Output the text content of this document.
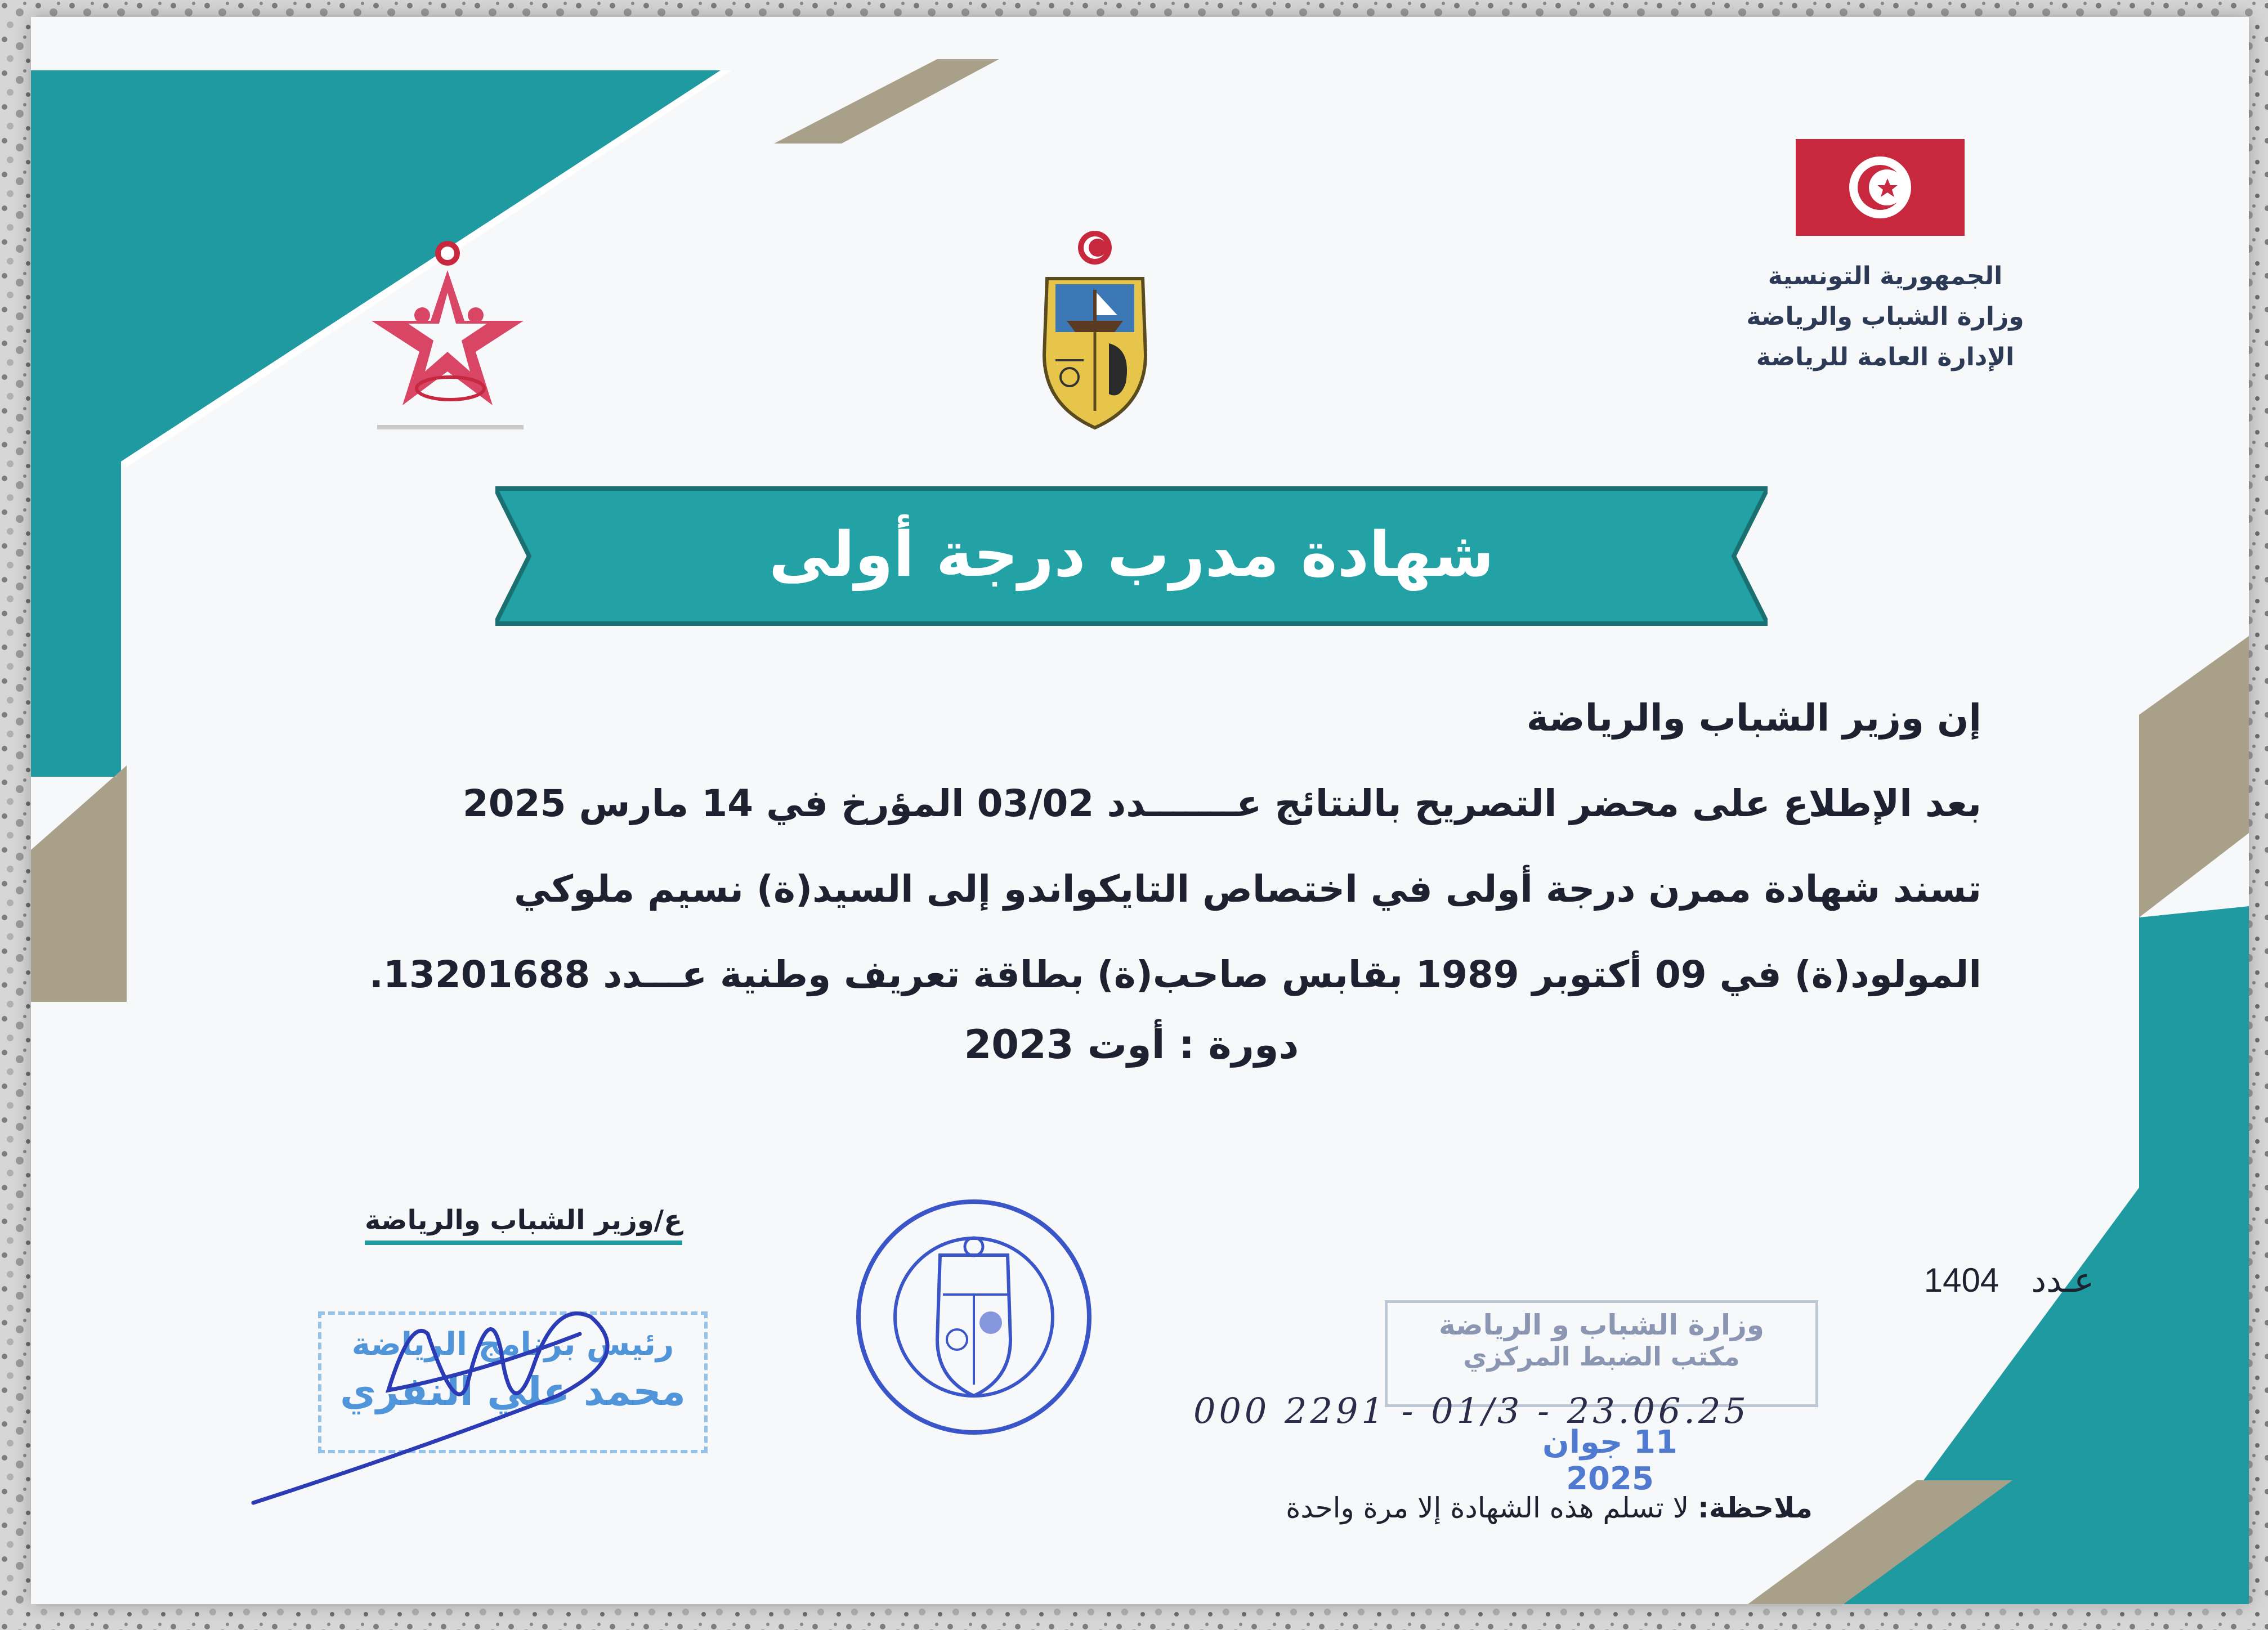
الجمهورية التونسية
وزارة الشباب والرياضة
الإدارة العامة للرياضة
شهادة مدرب درجة أولى
إن وزير الشباب والرياضة
بعد الإطلاع على محضر التصريح بالنتائج عـــــــدد 03/02 المؤرخ في 14 مارس 2025
تسند شهادة ممرن درجة أولى في اختصاص التايكواندو إلى السيد(ة) نسيم ملوكي
المولود(ة) في 09 أكتوبر 1989 بقابس صاحب(ة) بطاقة تعريف وطنية عـــدد 13201688.
دورة : أوت 2023
ع/وزير الشباب والرياضة
رئيس برنامج الرياضة
محمد علي النفزي
عـدد   1404
وزارة الشباب و الرياضة
مكتب الضبط المركزي
000 2291 - 01/3 - 23.06.25
11 جوان 2025
ملاحظة: لا تسلم هذه الشهادة إلا مرة واحدة
